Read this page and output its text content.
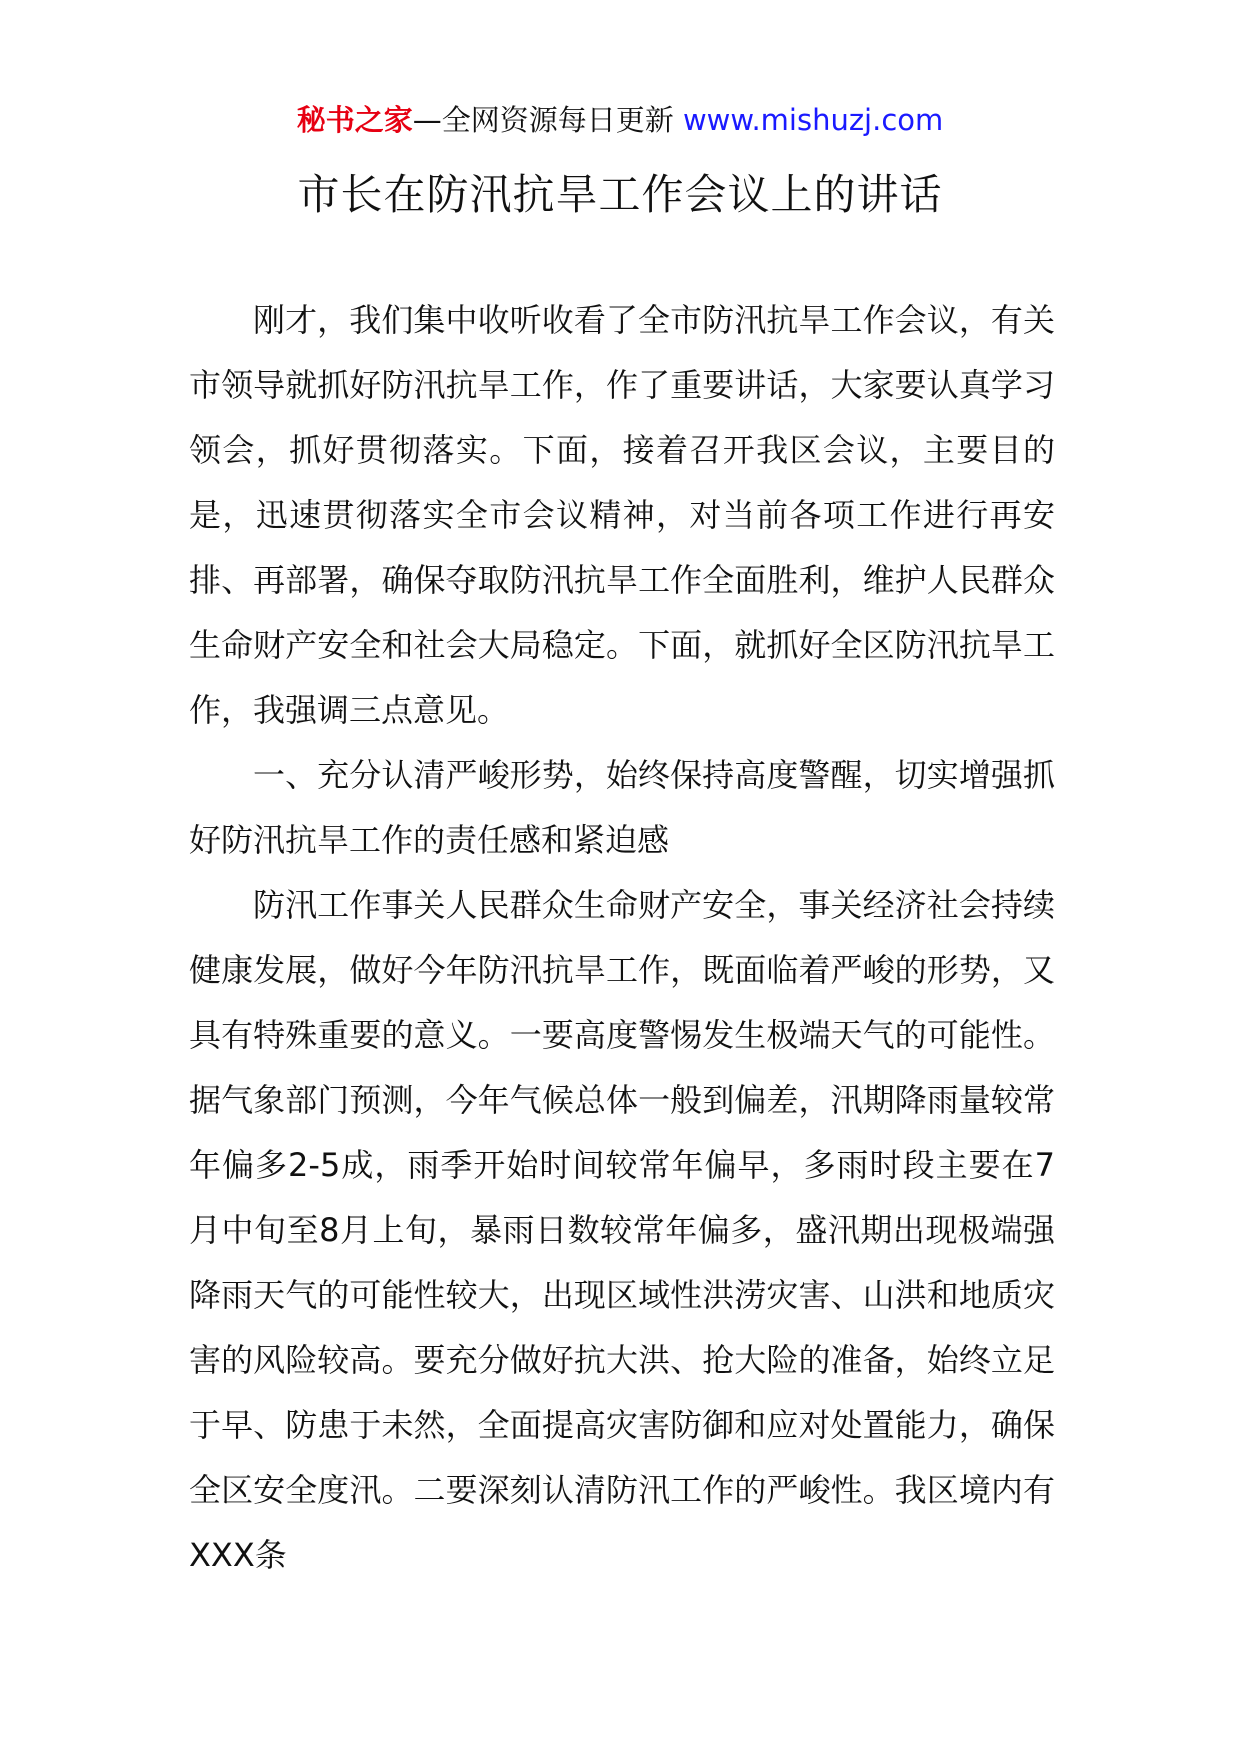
秘书之家—全网资源每日更新 www.mishuzj.com
市长在防汛抗旱工作会议上的讲话

刚才，我们集中收听收看了全市防汛抗旱工作会议，有关市领导就抓好防汛抗旱工作，作了重要讲话，大家要认真学习领会，抓好贯彻落实。下面，接着召开我区会议，主要目的是，迅速贯彻落实全市会议精神，对当前各项工作进行再安排、再部署，确保夺取防汛抗旱工作全面胜利，维护人民群众生命财产安全和社会大局稳定。下面，就抓好全区防汛抗旱工作，我强调三点意见。

一、充分认清严峻形势，始终保持高度警醒，切实增强抓好防汛抗旱工作的责任感和紧迫感

防汛工作事关人民群众生命财产安全，事关经济社会持续健康发展，做好今年防汛抗旱工作，既面临着严峻的形势，又具有特殊重要的意义。一要高度警惕发生极端天气的可能性。据气象部门预测，今年气候总体一般到偏差，汛期降雨量较常年偏多2-5成，雨季开始时间较常年偏早，多雨时段主要在7月中旬至8月上旬，暴雨日数较常年偏多，盛汛期出现极端强降雨天气的可能性较大，出现区域性洪涝灾害、山洪和地质灾害的风险较高。要充分做好抗大洪、抢大险的准备，始终立足于早、防患于未然，全面提高灾害防御和应对处置能力，确保全区安全度汛。二要深刻认清防汛工作的严峻性。我区境内有XXX条
